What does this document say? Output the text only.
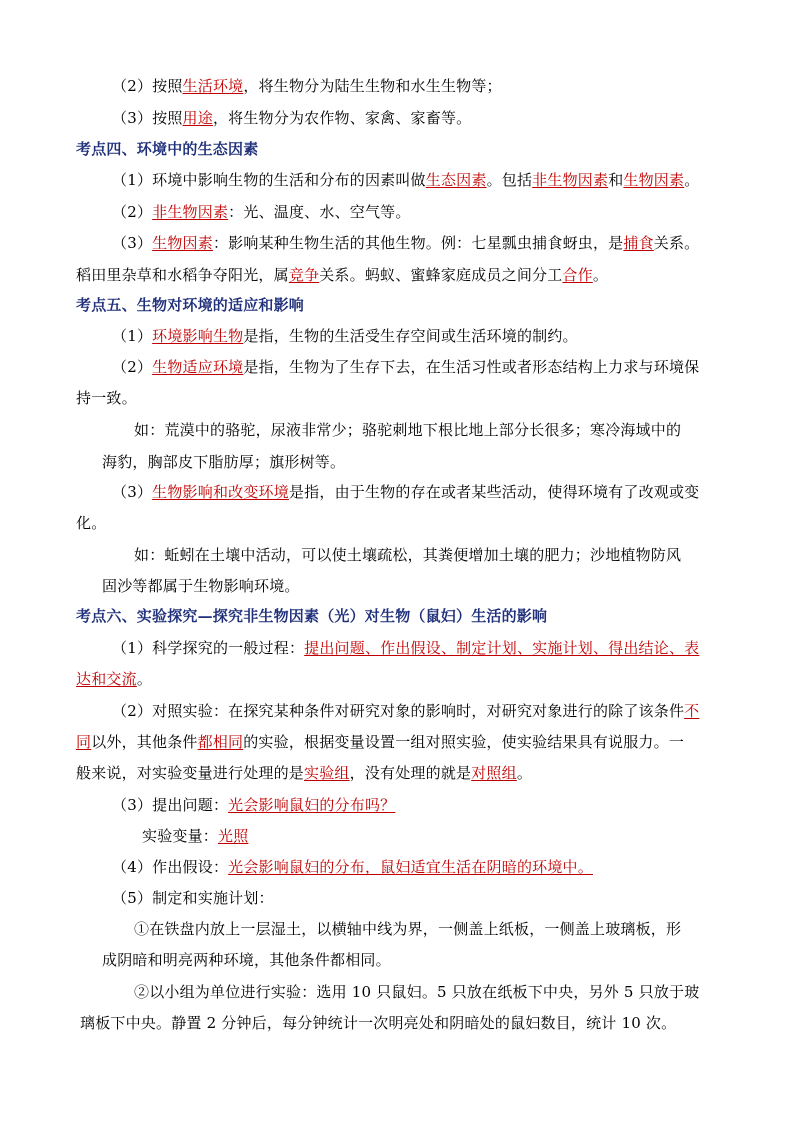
（2）按照生活环境，将生物分为陆生生物和水生生物等；
（3）按照用途，将生物分为农作物、家禽、家畜等。
考点四、环境中的生态因素
（1）环境中影响生物的生活和分布的因素叫做生态因素。包括非生物因素和生物因素。
（2）非生物因素：光、温度、水、空气等。
（3）生物因素：影响某种生物生活的其他生物。例：七星瓢虫捕食蚜虫，是捕食关系。
稻田里杂草和水稻争夺阳光，属竞争关系。蚂蚁、蜜蜂家庭成员之间分工合作。
考点五、生物对环境的适应和影响
（1）环境影响生物是指，生物的生活受生存空间或生活环境的制约。
（2）生物适应环境是指，生物为了生存下去，在生活习性或者形态结构上力求与环境保
持一致。
如：荒漠中的骆驼，尿液非常少；骆驼刺地下根比地上部分长很多；寒冷海域中的
海豹，胸部皮下脂肪厚；旗形树等。
（3）生物影响和改变环境是指，由于生物的存在或者某些活动，使得环境有了改观或变
化。
如：蚯蚓在土壤中活动，可以使土壤疏松，其粪便增加土壤的肥力；沙地植物防风
固沙等都属于生物影响环境。
考点六、实验探究—探究非生物因素（光）对生物（鼠妇）生活的影响
（1）科学探究的一般过程：提出问题、作出假设、制定计划、实施计划、得出结论、表
达和交流。
（2）对照实验：在探究某种条件对研究对象的影响时，对研究对象进行的除了该条件不
同以外，其他条件都相同的实验，根据变量设置一组对照实验，使实验结果具有说服力。一
般来说，对实验变量进行处理的是实验组，没有处理的就是对照组。
（3）提出问题：光会影响鼠妇的分布吗？
实验变量：光照
（4）作出假设：光会影响鼠妇的分布，鼠妇适宜生活在阴暗的环境中。
（5）制定和实施计划：
①在铁盘内放上一层湿土，以横轴中线为界，一侧盖上纸板，一侧盖上玻璃板，形
成阴暗和明亮两种环境，其他条件都相同。
②以小组为单位进行实验：选用 10 只鼠妇。5 只放在纸板下中央，另外 5 只放于玻
璃板下中央。静置 2 分钟后，每分钟统计一次明亮处和阴暗处的鼠妇数目，统计 10 次。
